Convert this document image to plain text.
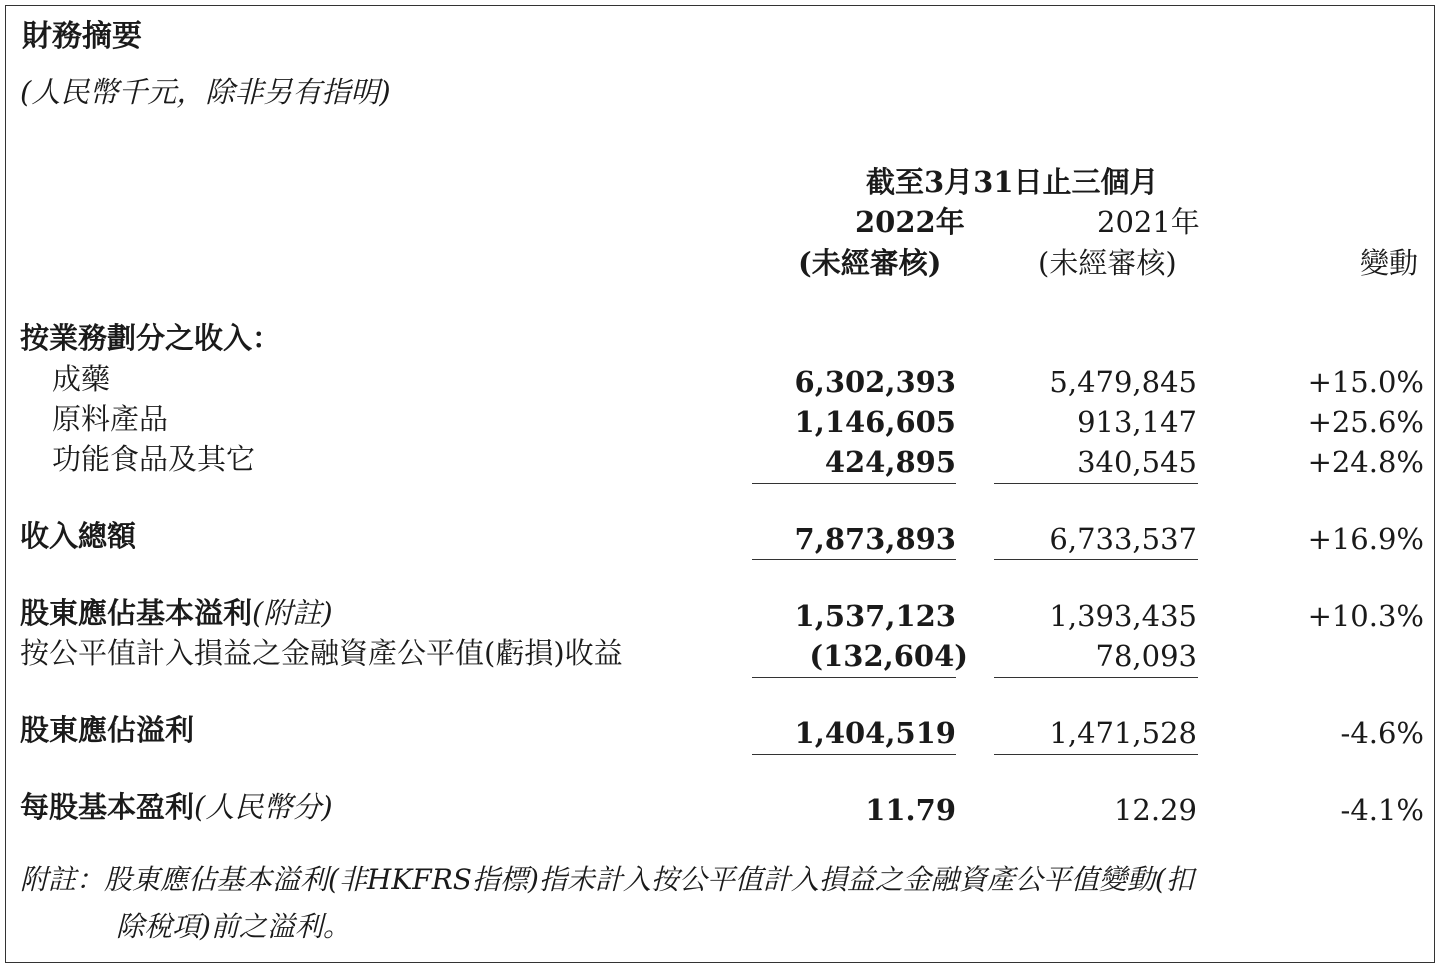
財務摘要
(人民幣千元，除非另有指明)
截至3月31日止三個月
2022年	2021年
(未經審核)	(未經審核)	變動
按業務劃分之收入：
成藥	6,302,393	5,479,845	+15.0%
原料產品	1,146,605	913,147	+25.6%
功能食品及其它	424,895	340,545	+24.8%
收入總額	7,873,893	6,733,537	+16.9%
股東應佔基本溢利(附註)	1,537,123	1,393,435	+10.3%
按公平值計入損益之金融資產公平值(虧損)收益	(132,604)	78,093
股東應佔溢利	1,404,519	1,471,528	-4.6%
每股基本盈利(人民幣分)	11.79	12.29	-4.1%
附註：股東應佔基本溢利(非HKFRS指標)指未計入按公平值計入損益之金融資產公平值變動(扣
除稅項)前之溢利。
